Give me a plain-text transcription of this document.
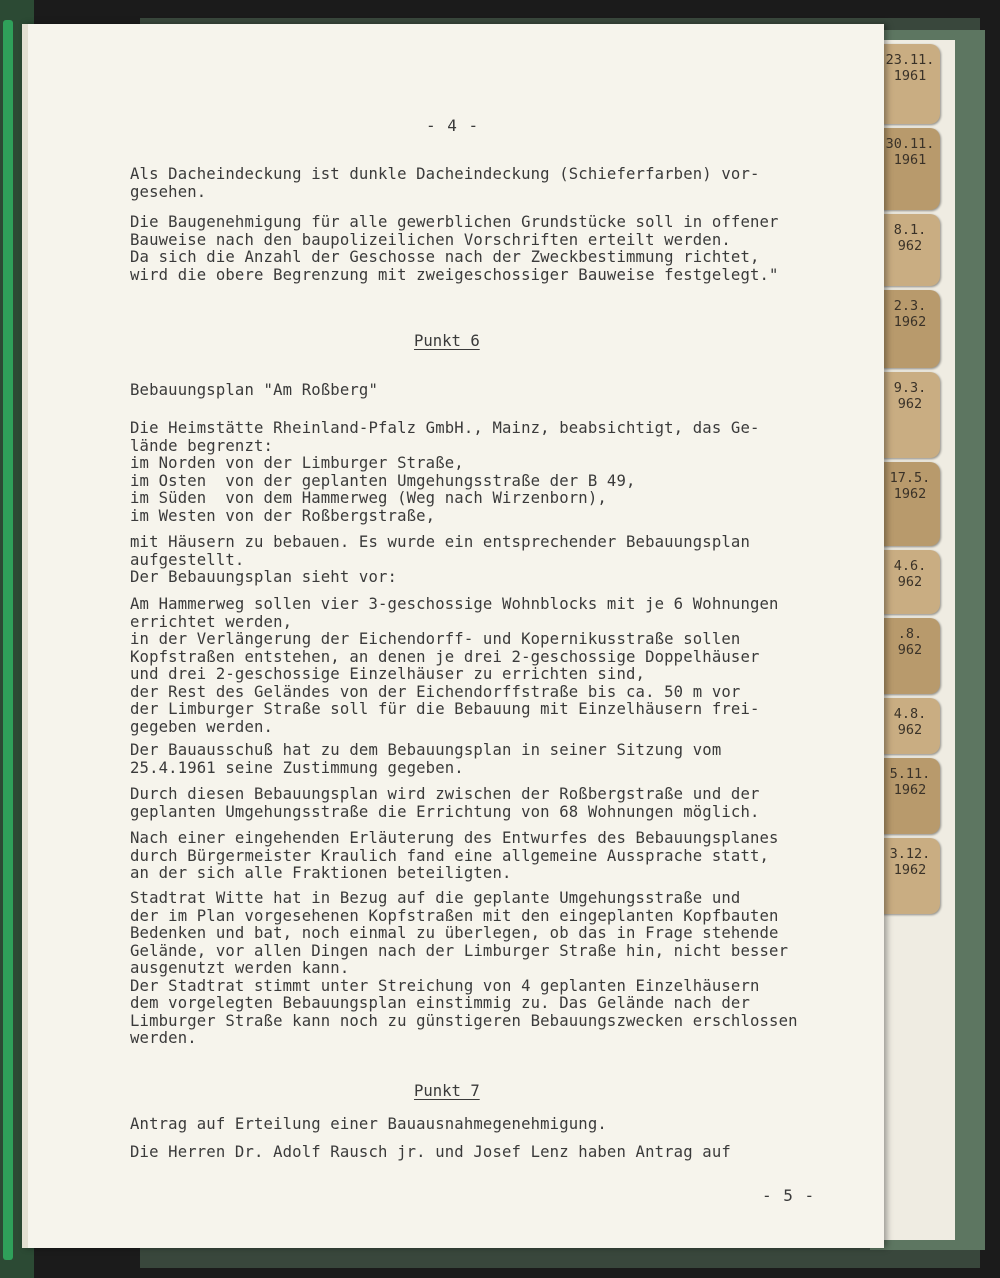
23.11.
1961
30.11.
1961
8.1.
962
2.3.
1962
9.3.
962
17.5.
1962
4.6.
962
.8.
962
4.8.
962
5.11.
1962
3.12.
1962
- 4 -
Als Dacheindeckung ist dunkle Dacheindeckung (Schieferfarben) vor-
gesehen.
Die Baugenehmigung für alle gewerblichen Grundstücke soll in offener
Bauweise nach den baupolizeilichen Vorschriften erteilt werden.
Da sich die Anzahl der Geschosse nach der Zweckbestimmung richtet,
wird die obere Begrenzung mit zweigeschossiger Bauweise festgelegt."
Punkt 6
Bebauungsplan "Am Roßberg"
Die Heimstätte Rheinland-Pfalz GmbH., Mainz, beabsichtigt, das Ge-
lände begrenzt:
im Norden von der Limburger Straße,
im Osten  von der geplanten Umgehungsstraße der B 49,
im Süden  von dem Hammerweg (Weg nach Wirzenborn),
im Westen von der Roßbergstraße,
mit Häusern zu bebauen. Es wurde ein entsprechender Bebauungsplan
aufgestellt.
Der Bebauungsplan sieht vor:
Am Hammerweg sollen vier 3-geschossige Wohnblocks mit je 6 Wohnungen
errichtet werden,
in der Verlängerung der Eichendorff- und Kopernikusstraße sollen
Kopfstraßen entstehen, an denen je drei 2-geschossige Doppelhäuser
und drei 2-geschossige Einzelhäuser zu errichten sind,
der Rest des Geländes von der Eichendorffstraße bis ca. 50 m vor
der Limburger Straße soll für die Bebauung mit Einzelhäusern frei-
gegeben werden.
Der Bauausschuß hat zu dem Bebauungsplan in seiner Sitzung vom
25.4.1961 seine Zustimmung gegeben.
Durch diesen Bebauungsplan wird zwischen der Roßbergstraße und der
geplanten Umgehungsstraße die Errichtung von 68 Wohnungen möglich.
Nach einer eingehenden Erläuterung des Entwurfes des Bebauungsplanes
durch Bürgermeister Kraulich fand eine allgemeine Aussprache statt,
an der sich alle Fraktionen beteiligten.
Stadtrat Witte hat in Bezug auf die geplante Umgehungsstraße und
der im Plan vorgesehenen Kopfstraßen mit den eingeplanten Kopfbauten
Bedenken und bat, noch einmal zu überlegen, ob das in Frage stehende
Gelände, vor allen Dingen nach der Limburger Straße hin, nicht besser
ausgenutzt werden kann.
Der Stadtrat stimmt unter Streichung von 4 geplanten Einzelhäusern
dem vorgelegten Bebauungsplan einstimmig zu. Das Gelände nach der
Limburger Straße kann noch zu günstigeren Bebauungszwecken erschlossen
werden.
Punkt 7
Antrag auf Erteilung einer Bauausnahmegenehmigung.
Die Herren Dr. Adolf Rausch jr. und Josef Lenz haben Antrag auf
- 5 -
